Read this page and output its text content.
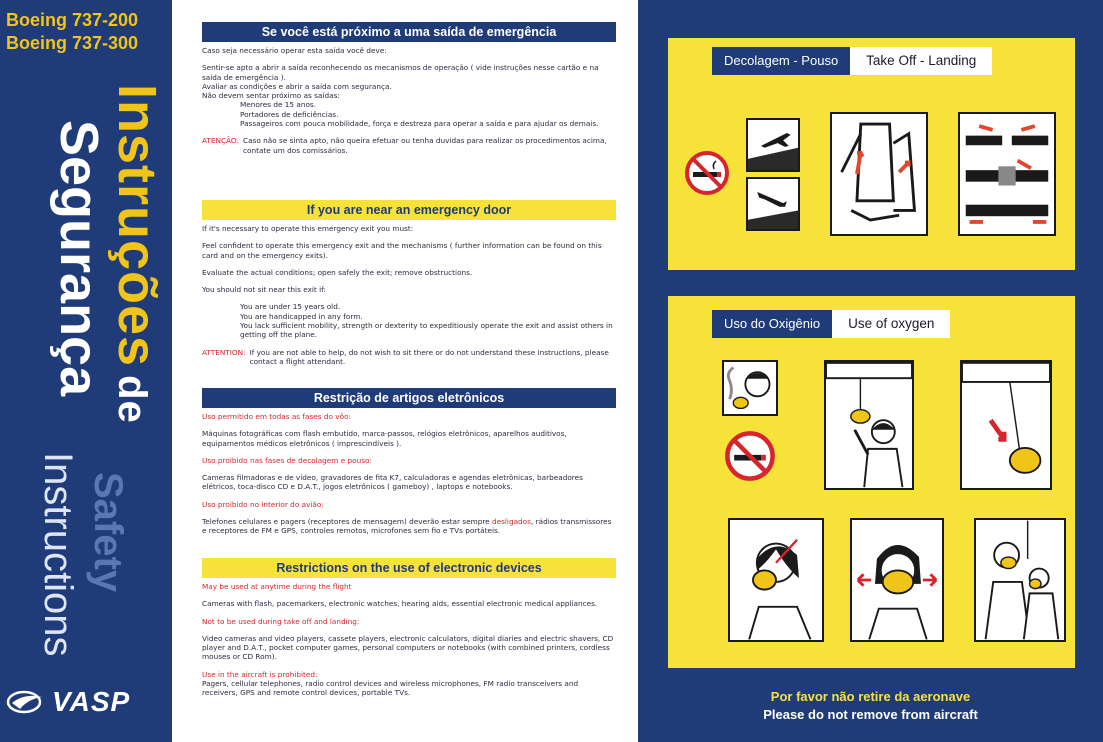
Boeing 737-200
Boeing 737-300
Instruçõesde
Segurança
Safety
Instructions
VASP
Se você está próximo a uma saída de emergência

Caso seja necessário operar esta saída você deve:

Sentir-se apto a abrir a saída reconhecendo os mecanismos de operação ( vide instruções nesse cartão e na saída de emergência ).

Avaliar as condições e abrir a saída com segurança.

Não devem sentar próximo as saídas:

Menores de 15 anos.

Portadores de deficiências.

Passageiros com pouca mobilidade, força e destreza para operar a saída e para ajudar os demais.

ATENÇÃO: Caso não se sinta apto, não queira efetuar ou tenha duvidas para realizar os procedimentos acima, contate um dos comissários.
If you are near an emergency door

If it's necessary to operate this emergency exit you must:

Feel confident to operate this emergency exit and the mechanisms ( further information can be found on this card and on the emergency exits).

Evaluate the actual conditions; open safely the exit; remove obstructions.

You should not sit near this exit if:

You are under 15 years old.

You are handicapped in any form.

You lack sufficient mobility, strength or dexterity to expeditiously operate the exit and assist others in getting off the plane.

ATTENTION: If you are not able to help, do not wish to sit there or do not understand these instructions, please contact a flight attendant.
Restrição de artigos eletrônicos

Uso permitido em todas as fases do vôo:

Máquinas fotográficas com flash embutido, marca-passos, relógios eletrônicos, aparelhos auditivos, equipamentos médicos eletrônicos ( imprescindíveis ).

Uso proibido nas fases de decolagem e pouso:

Cameras filmadoras e de vídeo, gravadores de fita K7, calculadoras e agendas eletrônicas, barbeadores elétricos, toca-disco CD e D.A.T., jogos eletrônicos ( gameboy) , laptops e notebooks.

Uso proibido no interior do avião:

Telefones celulares e pagers (receptores de mensagem) deverão estar sempre desligados, rádios transmissores e receptores de FM e GPS, controles remotos, microfones sem fio e TVs portáteis.

Restrictions on the use of electronic devices

May be used at anytime during the flight

Cameras with flash, pacemarkers, electronic watches, hearing aids, essential electronic medical appliances.

Not to be used during take off and landing:

Video cameras and video players, cassete players, electronic calculators, digital diaries and electric shavers, CD player and D.A.T., pocket computer games, personal computers or notebooks (with combined printers, cordless mouses or CD Rom).

Use in the aircraft is prohibited:

Pagers, cellular telephones, radio control devices and wireless microphones, FM radio transceivers and receivers, GPS and remote control devices, portable TVs.

Decolagem - Pouso	Take Off - Landing
Uso do Oxigênio	Use of oxygen
Por favor não retire da aeronave
Please do not remove from aircraft
